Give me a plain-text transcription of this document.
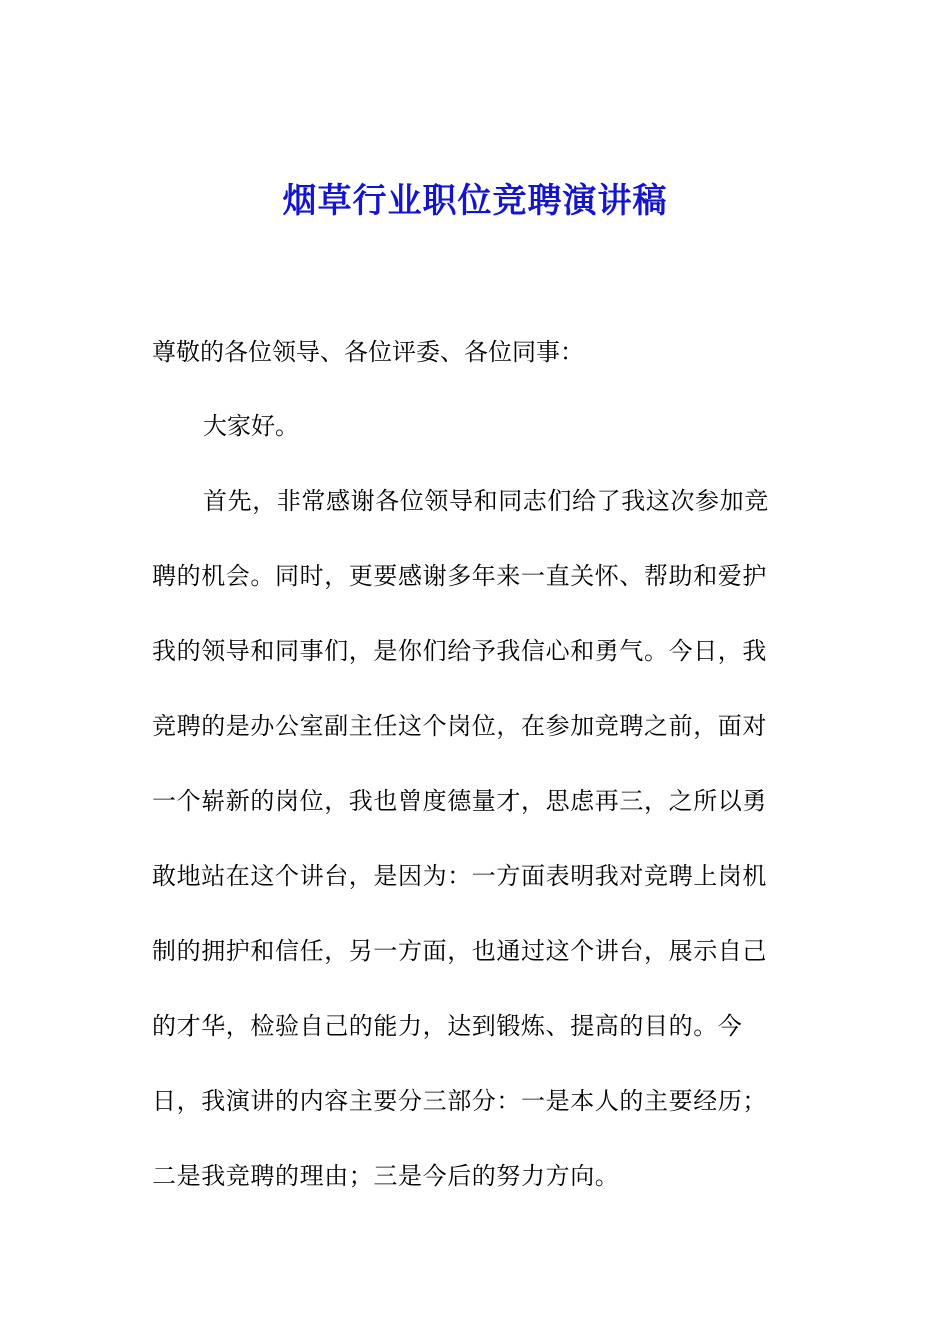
烟草行业职位竞聘演讲稿

尊敬的各位领导、各位评委、各位同事：

大家好。

首先，非常感谢各位领导和同志们给了我这次参加竞
聘的机会。同时，更要感谢多年来一直关怀、帮助和爱护
我的领导和同事们，是你们给予我信心和勇气。今日，我
竞聘的是办公室副主任这个岗位，在参加竞聘之前，面对
一个崭新的岗位，我也曾度德量才，思虑再三，之所以勇
敢地站在这个讲台，是因为：一方面表明我对竞聘上岗机
制的拥护和信任，另一方面，也通过这个讲台，展示自己
的才华，检验自己的能力，达到锻炼、提高的目的。今
日，我演讲的内容主要分三部分：一是本人的主要经历；
二是我竞聘的理由；三是今后的努力方向。
